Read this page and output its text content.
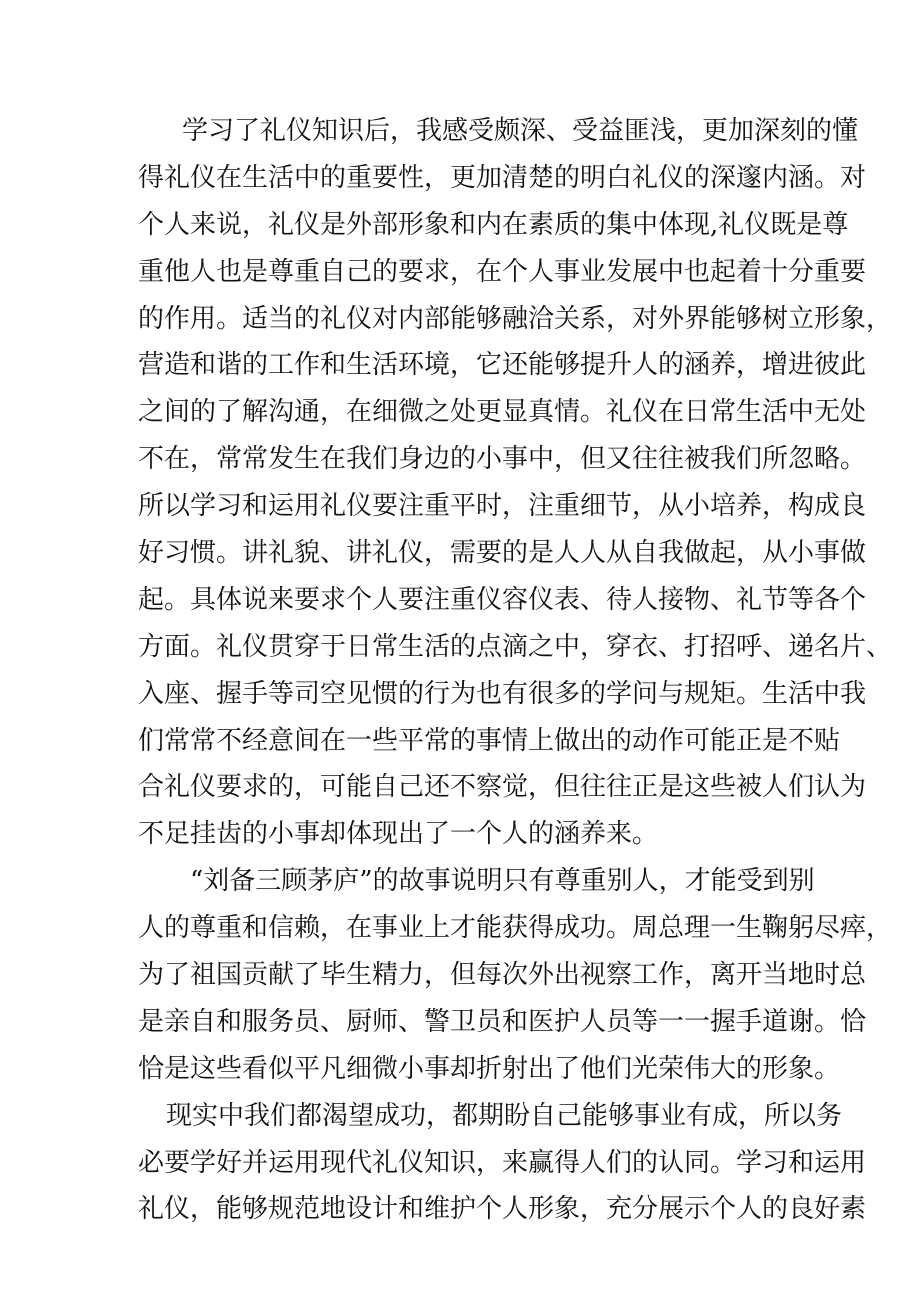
学习了礼仪知识后，我感受颇深、受益匪浅，更加深刻的懂
得礼仪在生活中的重要性，更加清楚的明白礼仪的深邃内涵。对
个人来说，礼仪是外部形象和内在素质的集中体现,礼仪既是尊
重他人也是尊重自己的要求，在个人事业发展中也起着十分重要
的作用。适当的礼仪对内部能够融洽关系，对外界能够树立形象，
营造和谐的工作和生活环境，它还能够提升人的涵养，增进彼此
之间的了解沟通，在细微之处更显真情。礼仪在日常生活中无处
不在，常常发生在我们身边的小事中，但又往往被我们所忽略。
所以学习和运用礼仪要注重平时，注重细节，从小培养，构成良
好习惯。讲礼貌、讲礼仪，需要的是人人从自我做起，从小事做
起。具体说来要求个人要注重仪容仪表、待人接物、礼节等各个
方面。礼仪贯穿于日常生活的点滴之中，穿衣、打招呼、递名片、
入座、握手等司空见惯的行为也有很多的学问与规矩。生活中我
们常常不经意间在一些平常的事情上做出的动作可能正是不贴
合礼仪要求的，可能自己还不察觉，但往往正是这些被人们认为
不足挂齿的小事却体现出了一个人的涵养来。
“刘备三顾茅庐”的故事说明只有尊重别人，才能受到别
人的尊重和信赖，在事业上才能获得成功。周总理一生鞠躬尽瘁，
为了祖国贡献了毕生精力，但每次外出视察工作，离开当地时总
是亲自和服务员、厨师、警卫员和医护人员等一一握手道谢。恰
恰是这些看似平凡细微小事却折射出了他们光荣伟大的形象。
现实中我们都渴望成功，都期盼自己能够事业有成，所以务
必要学好并运用现代礼仪知识，来赢得人们的认同。学习和运用
礼仪，能够规范地设计和维护个人形象，充分展示个人的良好素
